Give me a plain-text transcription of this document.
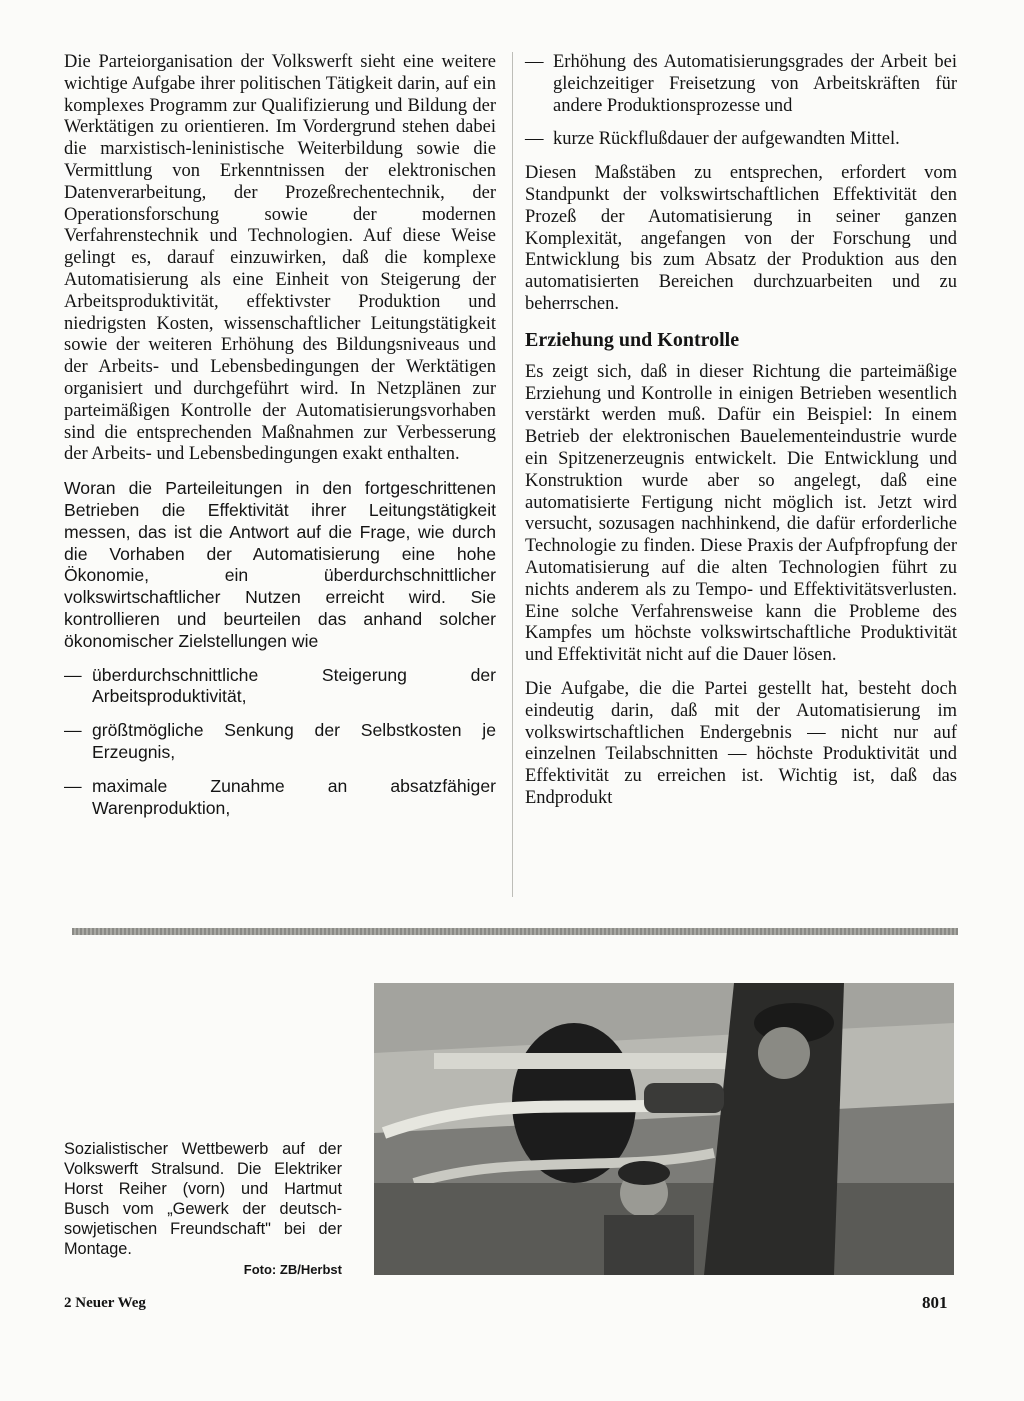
Die Parteiorganisation der Volkswerft sieht eine weitere wichtige Aufgabe ihrer politischen Tätigkeit darin, auf ein komplexes Programm zur Qualifizierung und Bildung der Werktätigen zu orientieren. Im Vordergrund stehen dabei die marxistisch-leninistische Weiterbildung sowie die Vermittlung von Erkenntnissen der elektronischen Datenverarbeitung, der Prozeßrechentechnik, der Operationsforschung sowie der modernen Verfahrenstechnik und Technologien. Auf diese Weise gelingt es, darauf einzuwirken, daß die komplexe Automatisierung als eine Einheit von Steigerung der Arbeitsproduktivität, effektivster Produktion und niedrigsten Kosten, wissenschaftlicher Leitungstätigkeit sowie der weiteren Erhöhung des Bildungsniveaus und der Arbeits- und Lebensbedingungen der Werktätigen organisiert und durchgeführt wird. In Netzplänen zur parteimäßigen Kontrolle der Automatisierungsvorhaben sind die entsprechenden Maßnahmen zur Verbesserung der Arbeits- und Lebensbedingungen exakt enthalten.

Woran die Parteileitungen in den fortgeschrittenen Betrieben die Effektivität ihrer Leitungstätigkeit messen, das ist die Antwort auf die Frage, wie durch die Vorhaben der Automatisierung eine hohe Ökonomie, ein überdurchschnittlicher volkswirtschaftlicher Nutzen erreicht wird. Sie kontrollieren und beurteilen das anhand solcher ökonomischer Zielstellungen wie

— überdurchschnittliche Steigerung der Arbeitsproduktivität,
— größtmögliche Senkung der Selbstkosten je Erzeugnis,
— maximale Zunahme an absatzfähiger Warenproduktion,
— Erhöhung des Automatisierungsgrades der Arbeit bei gleichzeitiger Freisetzung von Arbeitskräften für andere Produktionsprozesse und
— kurze Rückflußdauer der aufgewandten Mittel.

Diesen Maßstäben zu entsprechen, erfordert vom Standpunkt der volkswirtschaftlichen Effektivität den Prozeß der Automatisierung in seiner ganzen Komplexität, angefangen von der Forschung und Entwicklung bis zum Absatz der Produktion aus den automatisierten Bereichen durchzuarbeiten und zu beherrschen.

Erziehung und Kontrolle

Es zeigt sich, daß in dieser Richtung die parteimäßige Erziehung und Kontrolle in einigen Betrieben wesentlich verstärkt werden muß. Dafür ein Beispiel: In einem Betrieb der elektronischen Bauelementeindustrie wurde ein Spitzenerzeugnis entwickelt. Die Entwicklung und Konstruktion wurde aber so angelegt, daß eine automatisierte Fertigung nicht möglich ist. Jetzt wird versucht, sozusagen nachhinkend, die dafür erforderliche Technologie zu finden. Diese Praxis der Aufpfropfung der Automatisierung auf die alten Technologien führt zu nichts anderem als zu Tempo- und Effektivitätsverlusten. Eine solche Verfahrensweise kann die Probleme des Kampfes um höchste volkswirtschaftliche Produktivität und Effektivität nicht auf die Dauer lösen.

Die Aufgabe, die die Partei gestellt hat, besteht doch eindeutig darin, daß mit der Automatisierung im volkswirtschaftlichen Endergebnis — nicht nur auf einzelnen Teilabschnitten — höchste Produktivität und Effektivität zu erreichen ist. Wichtig ist, daß das Endprodukt

Sozialistischer Wettbewerb auf der Volkswerft Stralsund. Die Elektriker Horst Reiher (vorn) und Hartmut Busch vom „Gewerk der deutsch-sowjetischen Freundschaft" bei der Montage.
Foto: ZB/Herbst
2 Neuer Weg	801
